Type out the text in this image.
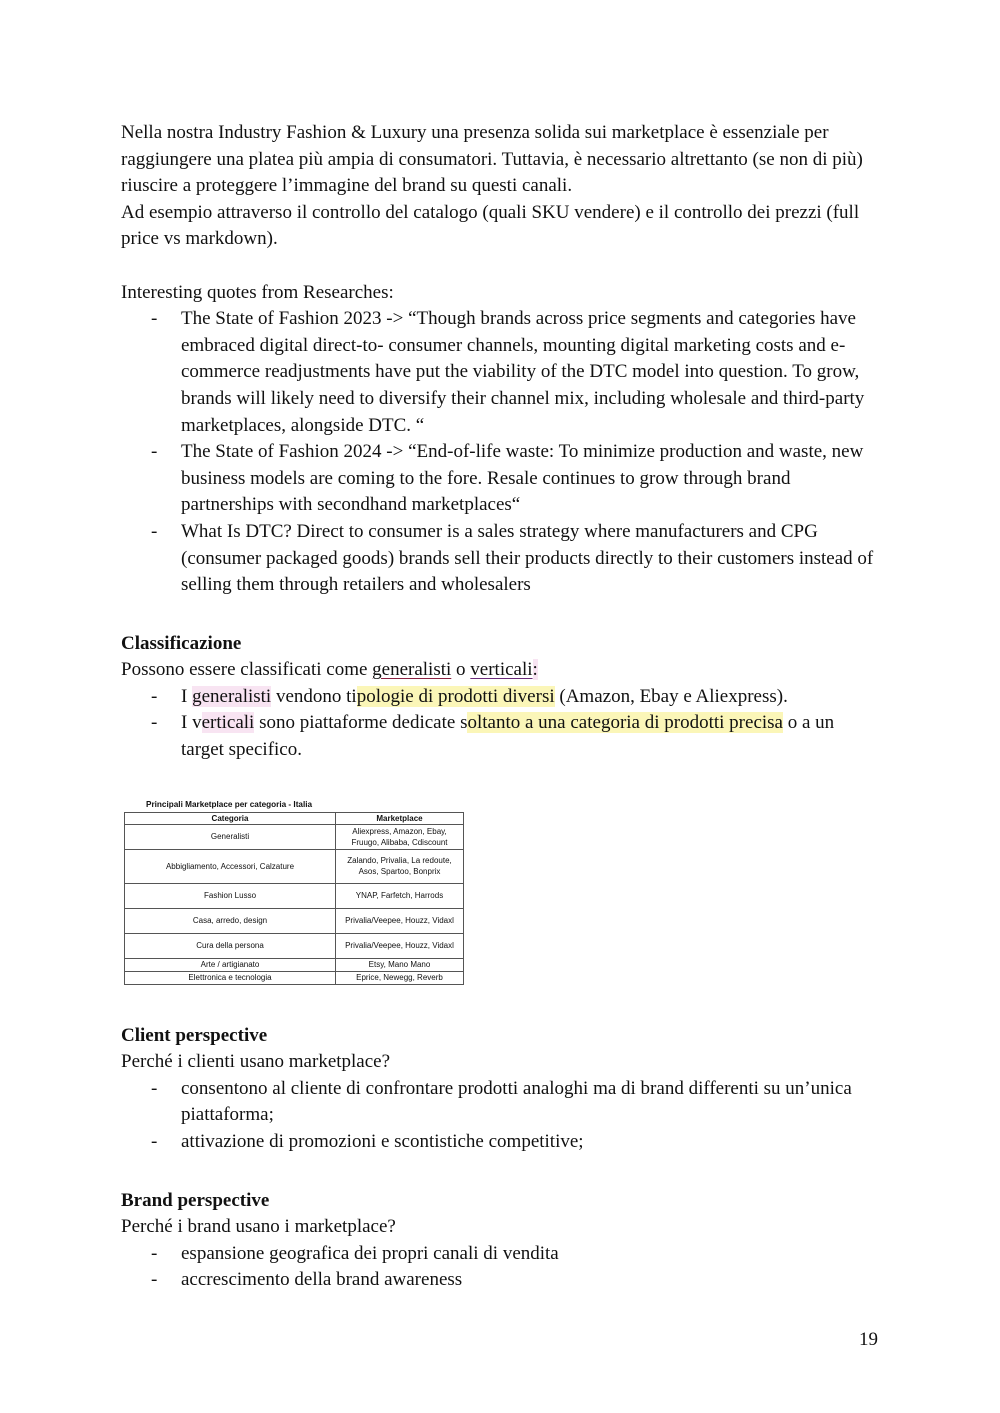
Nella nostra Industry Fashion & Luxury una presenza solida sui marketplace è essenziale per raggiungere una platea più ampia di consumatori. Tuttavia, è necessario altrettanto (se non di più) riuscire a proteggere l’immagine del brand su questi canali.

Ad esempio attraverso il controllo del catalogo (quali SKU vendere) e il controllo dei prezzi (full price vs markdown).

Interesting quotes from Researches:

- The State of Fashion 2023 -> “Though brands across price segments and categories have embraced digital direct-to- consumer channels, mounting digital marketing costs and e-commerce readjustments have put the viability of the DTC model into question. To grow, brands will likely need to diversify their channel mix, including wholesale and third-party marketplaces, alongside DTC. “
- The State of Fashion 2024 -> “End-of-life waste: To minimize production and waste, new business models are coming to the fore. Resale continues to grow through brand partnerships with secondhand marketplaces“
- What Is DTC? Direct to consumer is a sales strategy where manufacturers and CPG (consumer packaged goods) brands sell their products directly to their customers instead of selling them through retailers and wholesalers
Classificazione

Possono essere classificati come generalisti o verticali:

- I generalisti vendono tipologie di prodotti diversi (Amazon, Ebay e Aliexpress).
- I verticali sono piattaforme dedicate soltanto a una categoria di prodotti precisa o a un target specifico.
Principali Marketplace per categoria - Italia
Categoria	Marketplace
Generalisti	Aliexpress, Amazon, Ebay, Fruugo, Alibaba, Cdiscount
Abbigliamento, Accessori, Calzature	Zalando, Privalia, La redoute, Asos, Spartoo, Bonprix
Fashion Lusso	YNAP, Farfetch, Harrods
Casa, arredo, design	Privalia/Veepee, Houzz, Vidaxl
Cura della persona	Privalia/Veepee, Houzz, Vidaxl
Arte / artigianato	Etsy, Mano Mano
Elettronica e tecnologia	Eprice, Newegg, Reverb
Client perspective

Perché i clienti usano marketplace?

- consentono al cliente di confrontare prodotti analoghi ma di brand differenti su un’unica piattaforma;
- attivazione di promozioni e scontistiche competitive;
Brand perspective

Perché i brand usano i marketplace?

- espansione geografica dei propri canali di vendita
- accrescimento della brand awareness
19
